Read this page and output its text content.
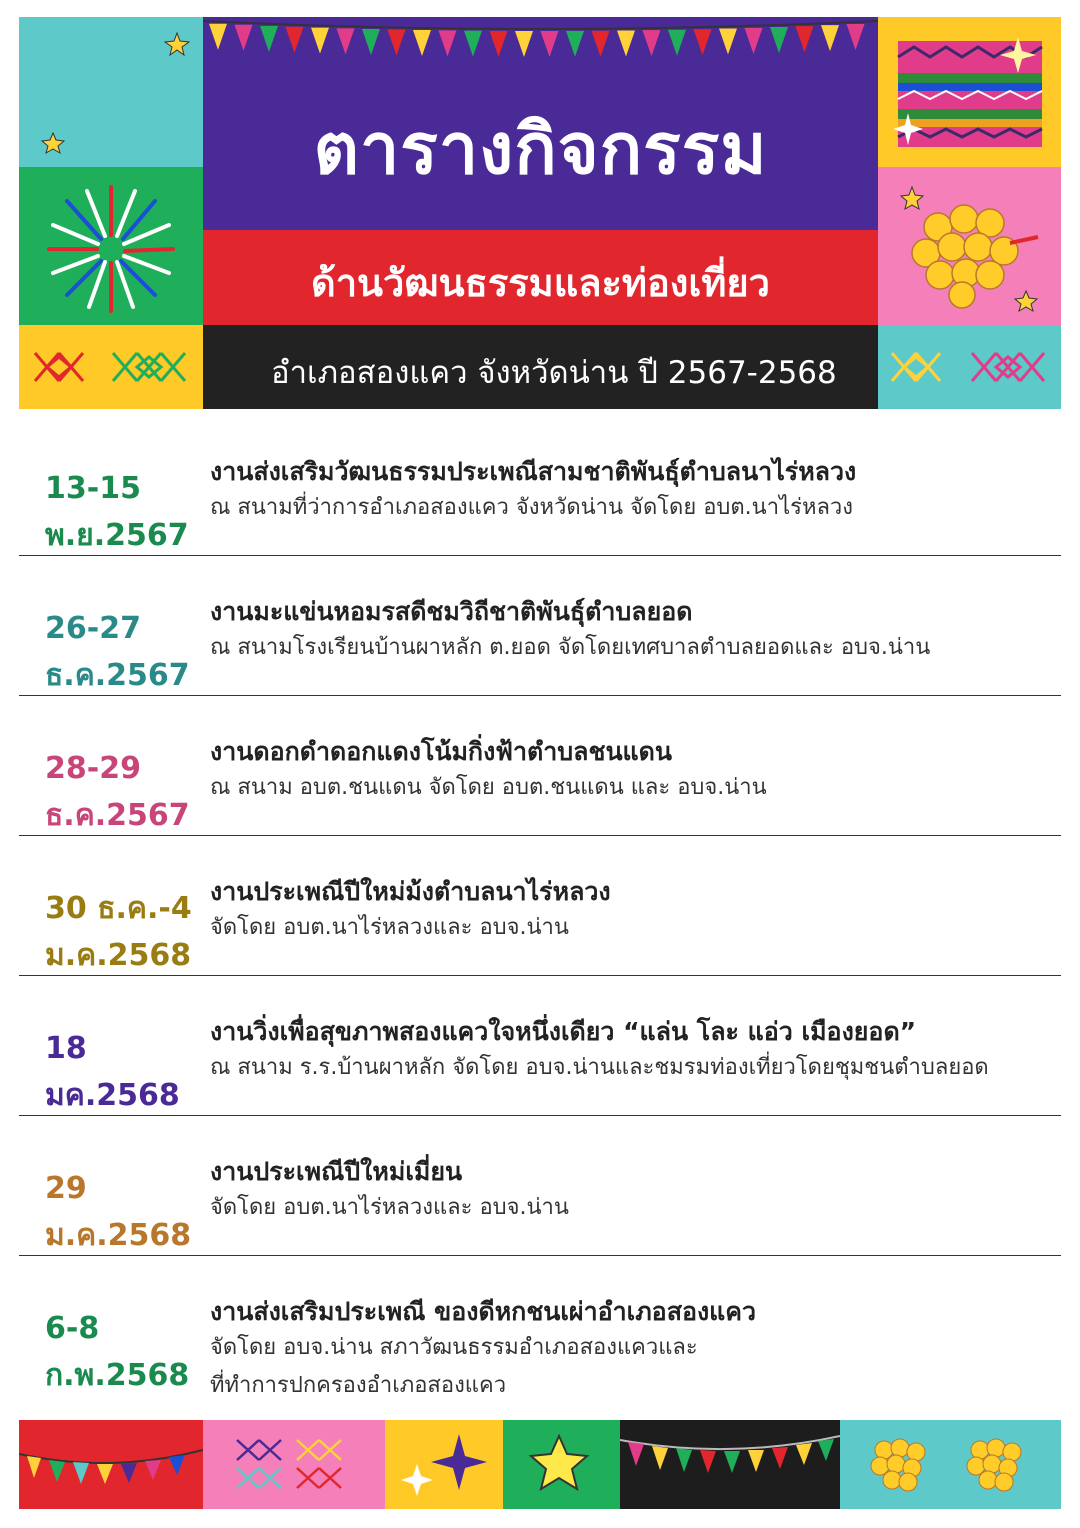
ตารางกิจกรรม
ด้านวัฒนธรรมและท่องเที่ยว
อำเภอสองแคว จังหวัดน่าน ปี 2567-2568
13-15
พ.ย.2567
งานส่งเสริมวัฒนธรรมประเพณีสามชาติพันธุ์ตำบลนาไร่หลวง
ณ สนามที่ว่าการอำเภอสองแคว จังหวัดน่าน จัดโดย อบต.นาไร่หลวง
26-27
ธ.ค.2567
งานมะแข่นหอมรสดีชมวิถีชาติพันธุ์ตำบลยอด
ณ สนามโรงเรียนบ้านผาหลัก ต.ยอด จัดโดยเทศบาลตำบลยอดและ อบจ.น่าน
28-29
ธ.ค.2567
งานดอกดำดอกแดงโน้มกิ่งฟ้าตำบลชนแดน
ณ สนาม อบต.ชนแดน จัดโดย อบต.ชนแดน และ อบจ.น่าน
30 ธ.ค.-4
ม.ค.2568
งานประเพณีปีใหม่ม้งตำบลนาไร่หลวง
จัดโดย อบต.นาไร่หลวงและ อบจ.น่าน
18
มค.2568
งานวิ่งเพื่อสุขภาพสองแควใจหนึ่งเดียว “แล่น โละ แอ่ว เมืองยอด”
ณ สนาม ร.ร.บ้านผาหลัก จัดโดย อบจ.น่านและชมรมท่องเที่ยวโดยชุมชนตำบลยอด
29
ม.ค.2568
งานประเพณีปีใหม่เมี่ยน
จัดโดย อบต.นาไร่หลวงและ อบจ.น่าน
6-8
ก.พ.2568
งานส่งเสริมประเพณี ของดีหกชนเผ่าอำเภอสองแคว
จัดโดย อบจ.น่าน สภาวัฒนธรรมอำเภอสองแควและ
ที่ทำการปกครองอำเภอสองแคว
